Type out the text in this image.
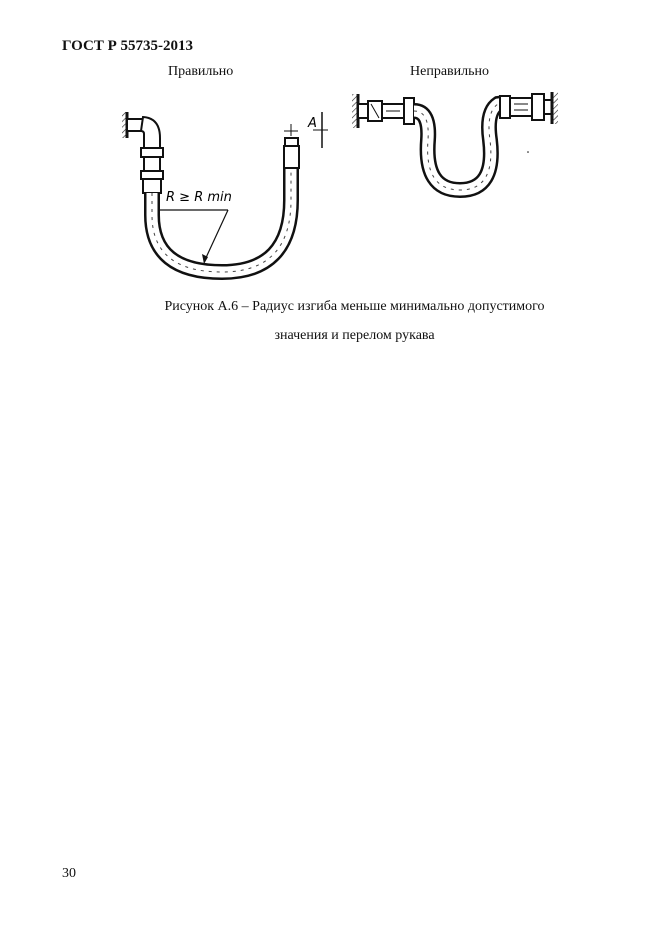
ГОСТ Р 55735-2013
Правильно	Неправильно
A
R ≥ R min
Рисунок А.6 – Радиус изгиба меньше минимально допустимого
значения и перелом рукава
30
